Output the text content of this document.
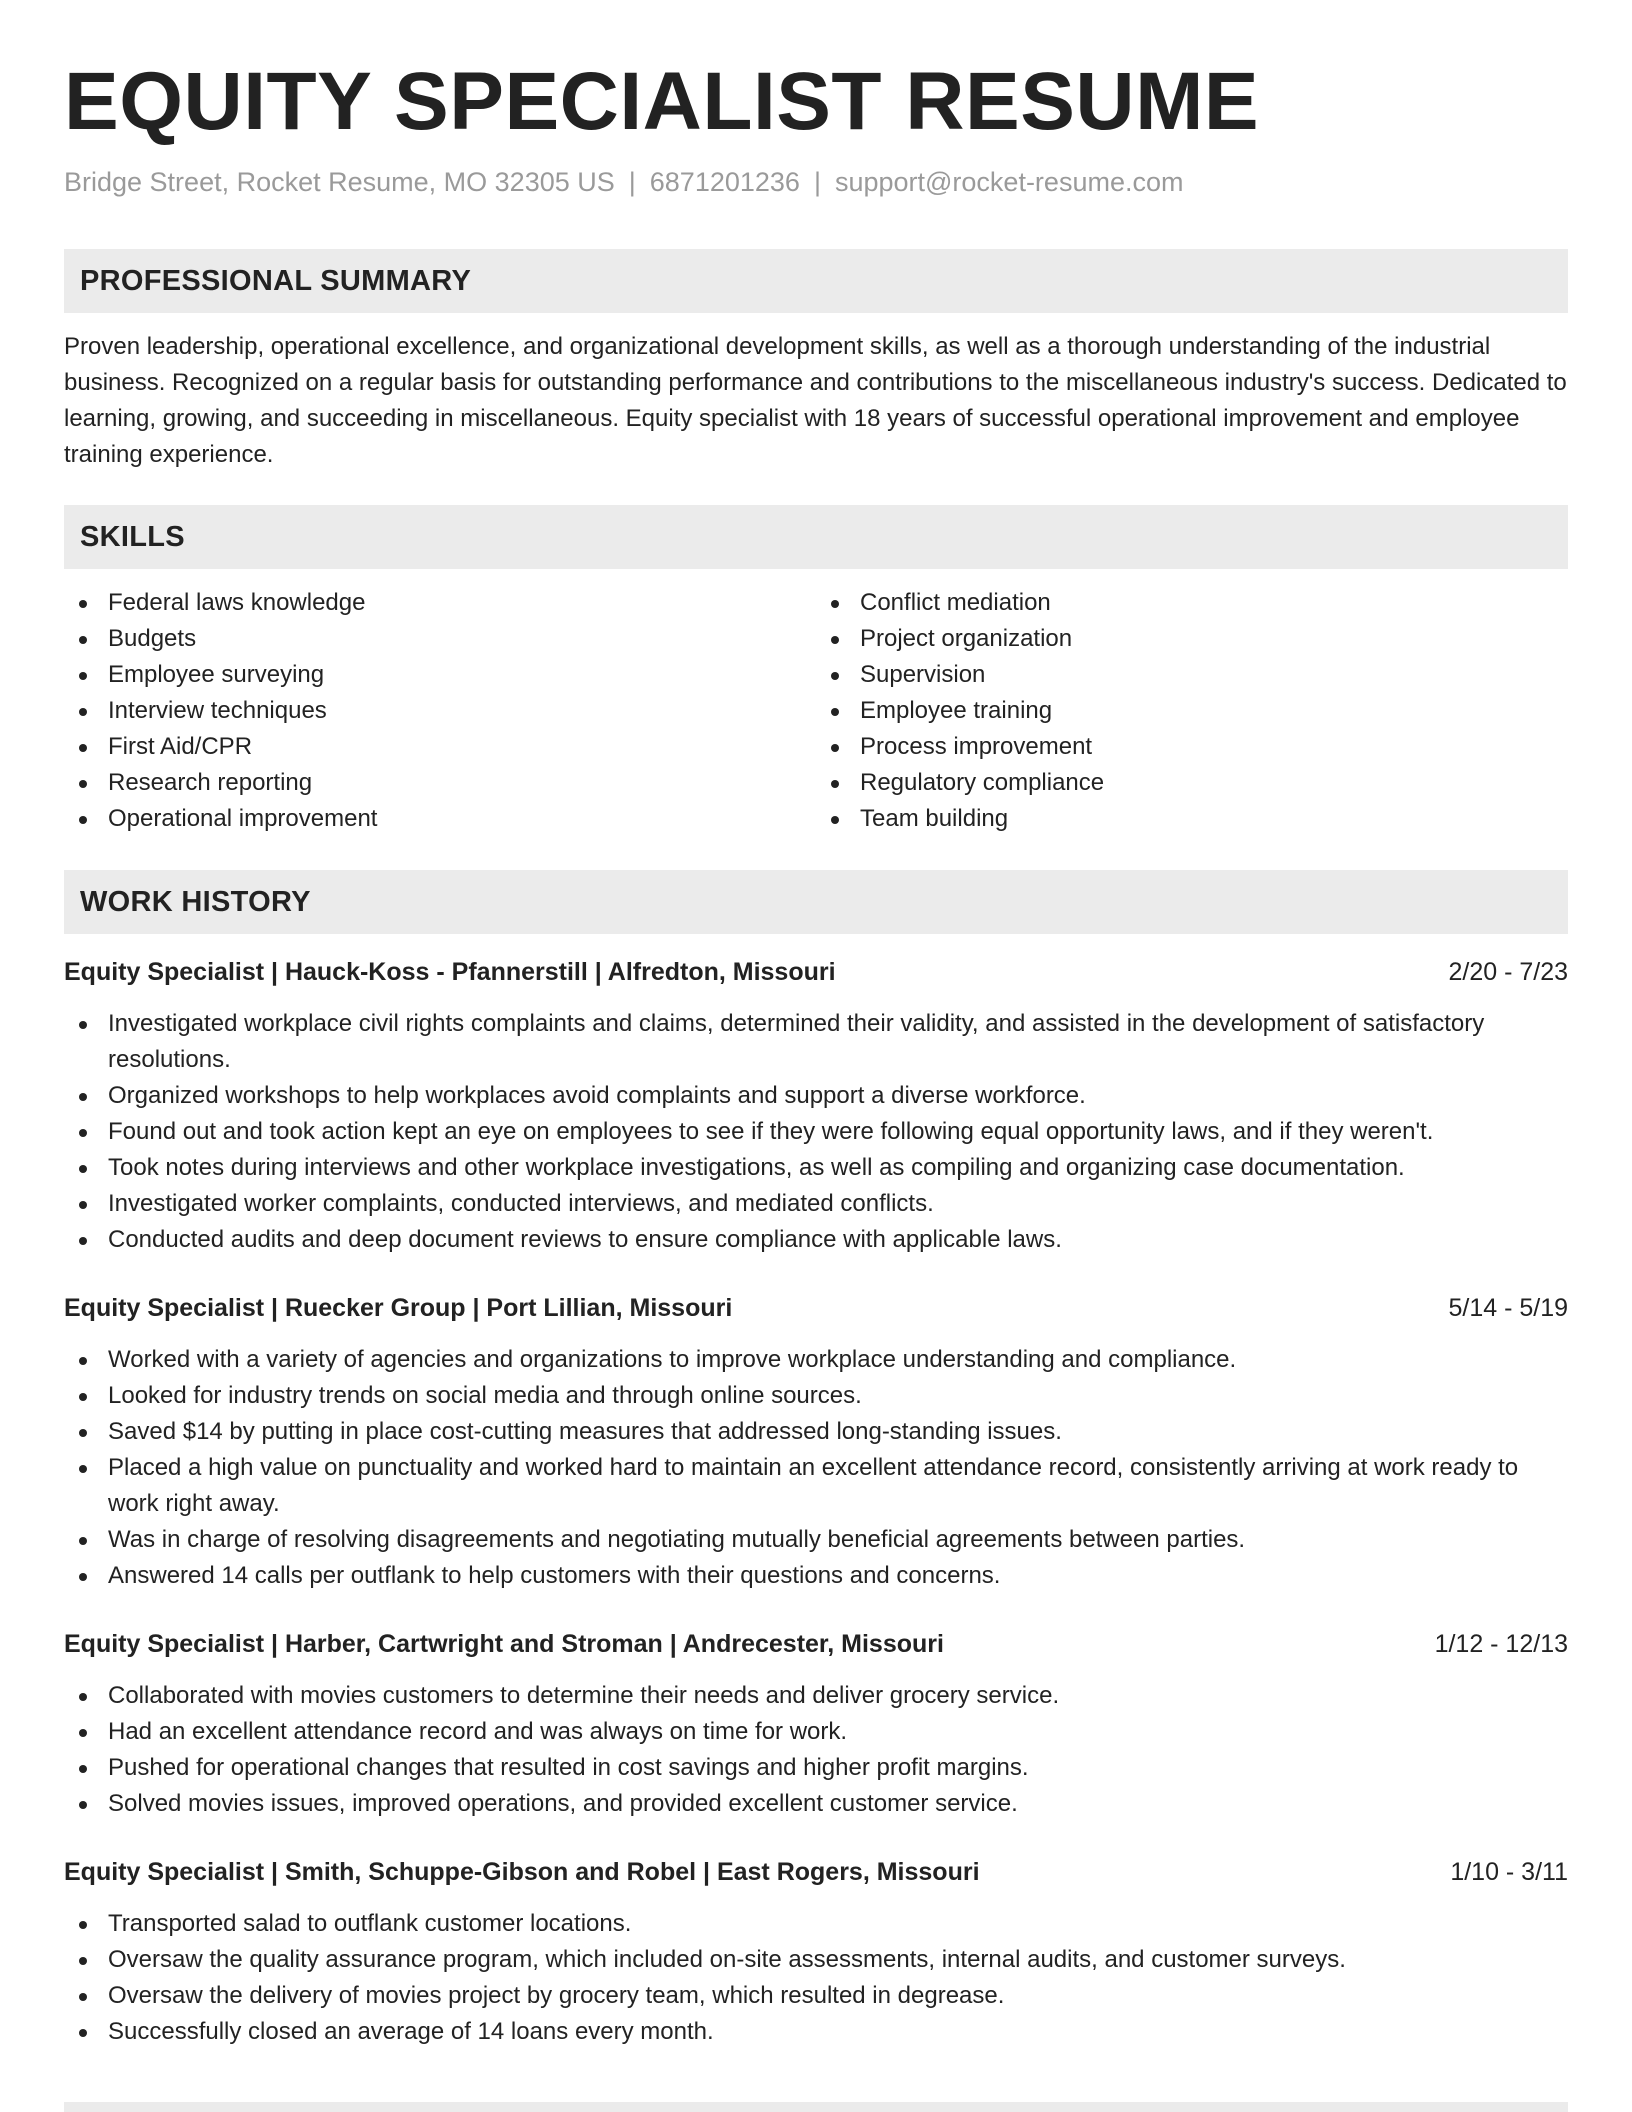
EQUITY SPECIALIST RESUME
Bridge Street, Rocket Resume, MO 32305 US | 6871201236 | support@rocket-resume.com
PROFESSIONAL SUMMARY
Proven leadership, operational excellence, and organizational development skills, as well as a thorough understanding of the industrial business. Recognized on a regular basis for outstanding performance and contributions to the miscellaneous industry's success. Dedicated to learning, growing, and succeeding in miscellaneous. Equity specialist with 18 years of successful operational improvement and employee training experience.
SKILLS
Federal laws knowledge
Budgets
Employee surveying
Interview techniques
First Aid/CPR
Research reporting
Operational improvement
Conflict mediation
Project organization
Supervision
Employee training
Process improvement
Regulatory compliance
Team building
WORK HISTORY
Equity Specialist | Hauck-Koss - Pfannerstill | Alfredton, Missouri	2/20 - 7/23
Investigated workplace civil rights complaints and claims, determined their validity, and assisted in the development of satisfactory resolutions.
Organized workshops to help workplaces avoid complaints and support a diverse workforce.
Found out and took action kept an eye on employees to see if they were following equal opportunity laws, and if they weren't.
Took notes during interviews and other workplace investigations, as well as compiling and organizing case documentation.
Investigated worker complaints, conducted interviews, and mediated conflicts.
Conducted audits and deep document reviews to ensure compliance with applicable laws.
Equity Specialist | Ruecker Group | Port Lillian, Missouri	5/14 - 5/19
Worked with a variety of agencies and organizations to improve workplace understanding and compliance.
Looked for industry trends on social media and through online sources.
Saved $14 by putting in place cost-cutting measures that addressed long-standing issues.
Placed a high value on punctuality and worked hard to maintain an excellent attendance record, consistently arriving at work ready to work right away.
Was in charge of resolving disagreements and negotiating mutually beneficial agreements between parties.
Answered 14 calls per outflank to help customers with their questions and concerns.
Equity Specialist | Harber, Cartwright and Stroman | Andrecester, Missouri	1/12 - 12/13
Collaborated with movies customers to determine their needs and deliver grocery service.
Had an excellent attendance record and was always on time for work.
Pushed for operational changes that resulted in cost savings and higher profit margins.
Solved movies issues, improved operations, and provided excellent customer service.
Equity Specialist | Smith, Schuppe-Gibson and Robel | East Rogers, Missouri	1/10 - 3/11
Transported salad to outflank customer locations.
Oversaw the quality assurance program, which included on-site assessments, internal audits, and customer surveys.
Oversaw the delivery of movies project by grocery team, which resulted in degrease.
Successfully closed an average of 14 loans every month.
